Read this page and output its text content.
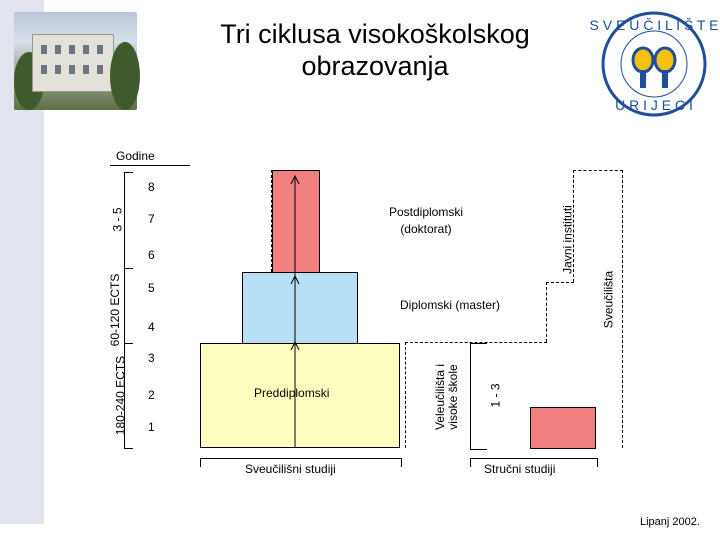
Tri ciklusa visokoškolskog
obrazovanja
S V E U Č I L I Š T E
U R I J E C I
Godine
3 - 5
60-120 ECTS
180-240 ECTS
8
7
6
5
4
3
2
1
Postdiplomski (doktorat)
Diplomski (master)
Preddiplomski
Javni instituti
Sveučilišta
Veleučilišta i visoke škole 1 - 3
Sveučilišni studiji	Stručni studiji
Lipanj 2002.
